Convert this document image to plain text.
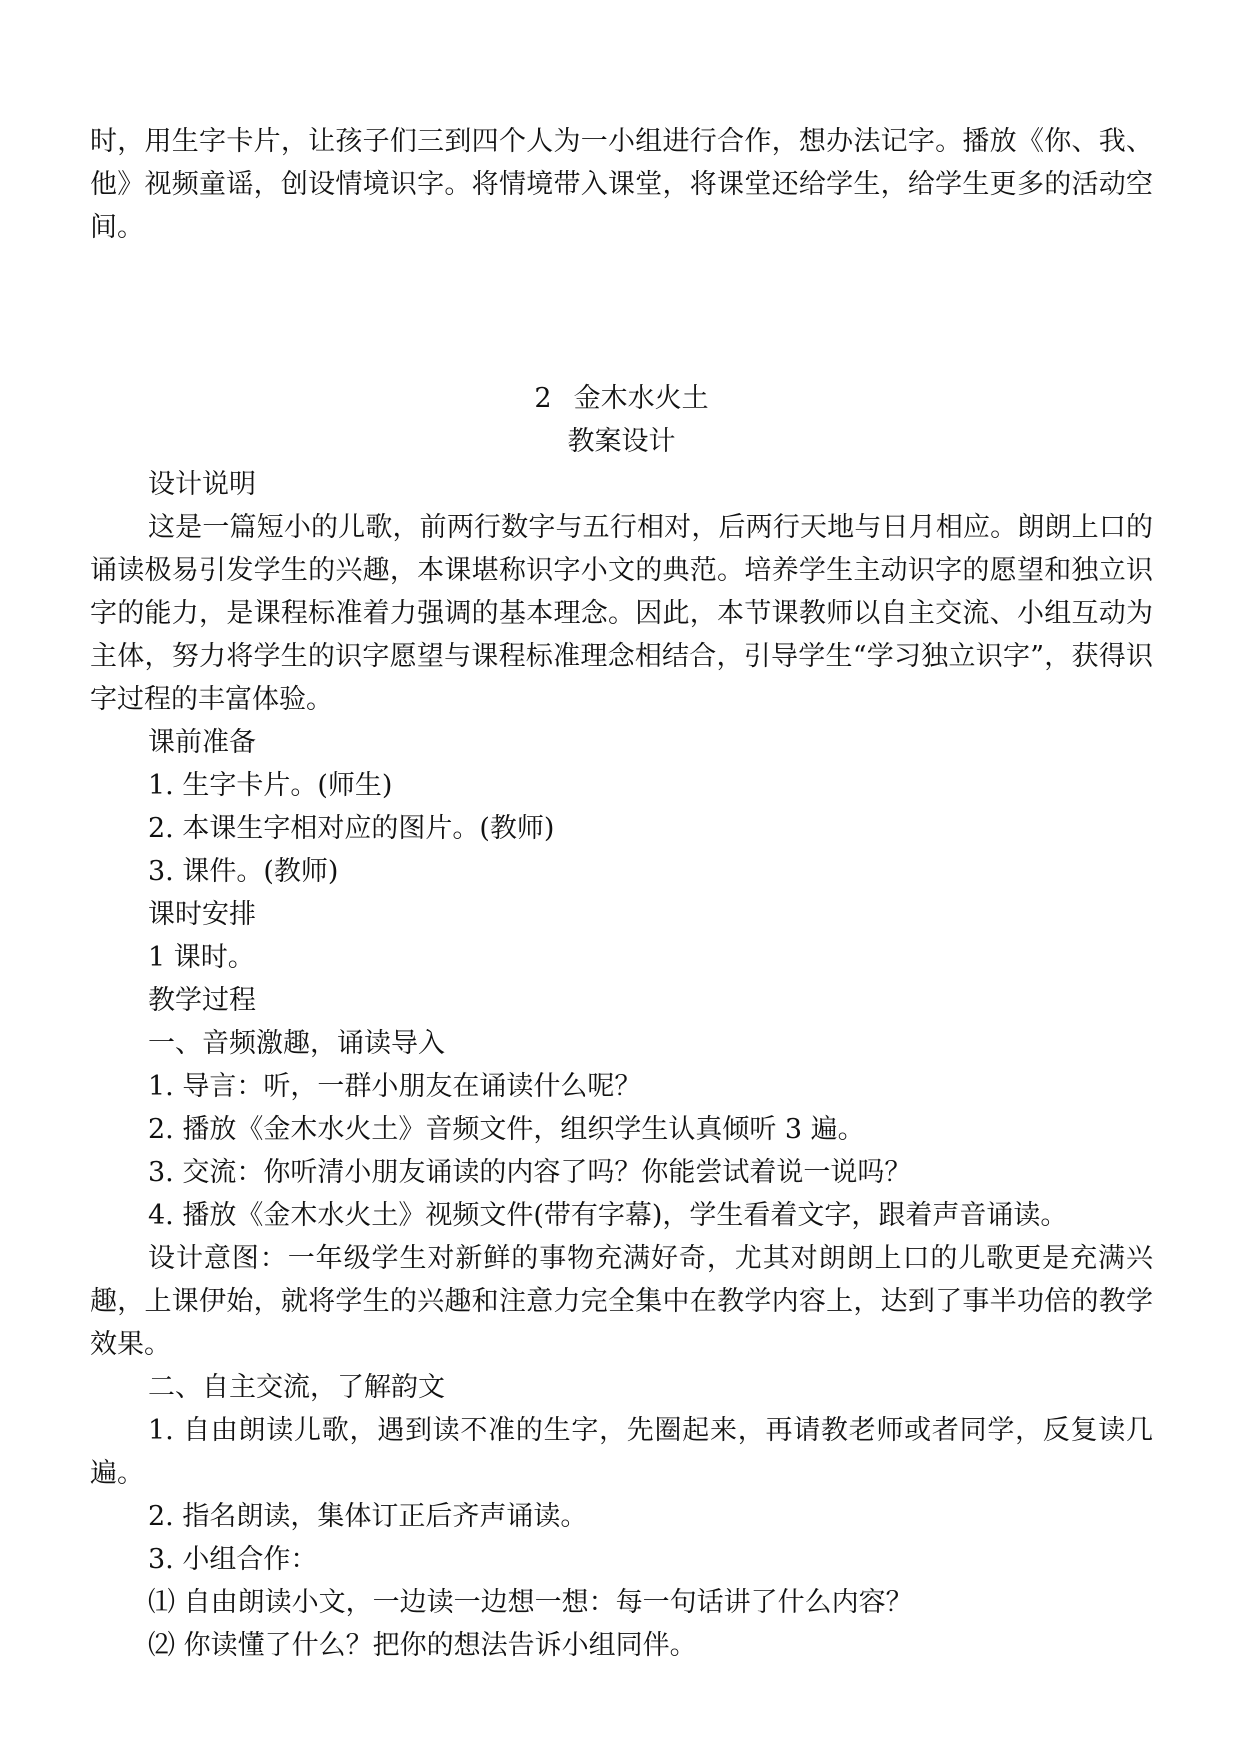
时，用生字卡片，让孩子们三到四个人为一小组进行合作，想办法记字。播放《你、我、他》视频童谣，创设情境识字。将情境带入课堂，将课堂还给学生，给学生更多的活动空间。

2 金木水火土

教案设计

设计说明

这是一篇短小的儿歌，前两行数字与五行相对，后两行天地与日月相应。朗朗上口的诵读极易引发学生的兴趣，本课堪称识字小文的典范。培养学生主动识字的愿望和独立识字的能力，是课程标准着力强调的基本理念。因此，本节课教师以自主交流、小组互动为主体，努力将学生的识字愿望与课程标准理念相结合，引导学生“学习独立识字”，获得识字过程的丰富体验。

课前准备

1. 生字卡片。(师生)

2. 本课生字相对应的图片。(教师)

3. 课件。(教师)

课时安排

1 课时。

教学过程

一、音频激趣，诵读导入

1. 导言：听，一群小朋友在诵读什么呢？

2. 播放《金木水火土》音频文件，组织学生认真倾听 3 遍。

3. 交流：你听清小朋友诵读的内容了吗？你能尝试着说一说吗？

4. 播放《金木水火土》视频文件(带有字幕)，学生看着文字，跟着声音诵读。

设计意图：一年级学生对新鲜的事物充满好奇，尤其对朗朗上口的儿歌更是充满兴趣，上课伊始，就将学生的兴趣和注意力完全集中在教学内容上，达到了事半功倍的教学效果。

二、自主交流，了解韵文

1. 自由朗读儿歌，遇到读不准的生字，先圈起来，再请教老师或者同学，反复读几遍。

2. 指名朗读，集体订正后齐声诵读。

3. 小组合作：

⑴ 自由朗读小文，一边读一边想一想：每一句话讲了什么内容？

⑵ 你读懂了什么？把你的想法告诉小组同伴。
